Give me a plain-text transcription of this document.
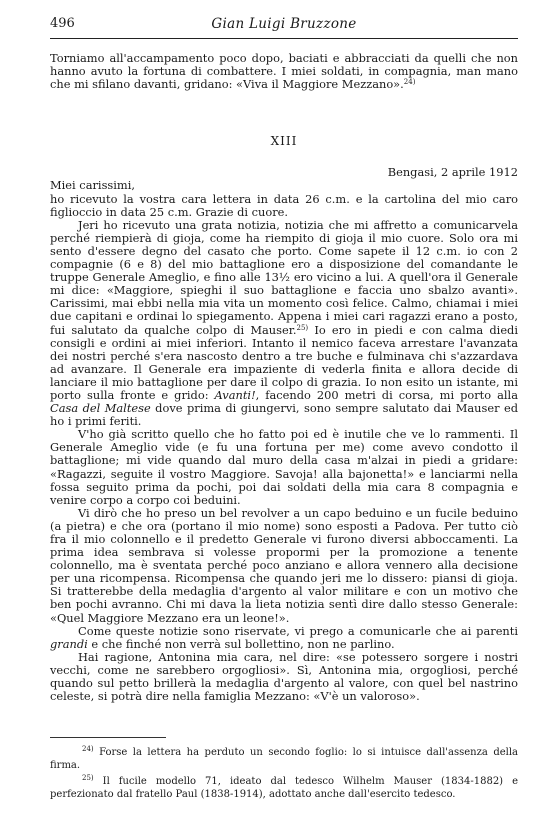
496	Gian Luigi Bruzzone

Torniamo all'accampamento poco dopo, baciati e abbracciati da quelli che non hanno avuto la fortuna di combattere. I miei soldati, in compagnia, man mano che mi sfilano davanti, gridano: «Viva il Maggiore Mezzano».$^{24)}$

XIII

Bengasi, 2 aprile 1912

Miei carissimi,

ho ricevuto la vostra cara lettera in data 26 c.m. e la cartolina del mio caro figlioccio in data 25 c.m. Grazie di cuore.

Jeri ho ricevuto una grata notizia, notizia che mi affretto a comunicarvela perché riempierà di gioja, come ha riempito di gioja il mio cuore. Solo ora mi sento d'essere degno del casato che porto. Come sapete il 12 c.m. io con 2 compagnie (6 e 8) del mio battaglione ero a disposizione del comandante le truppe Generale Ameglio, e fino alle 13½ ero vicino a lui. A quell'ora il Generale mi dice: «Maggiore, spieghi il suo battaglione e faccia uno sbalzo avanti». Carissimi, mai ebbi nella mia vita un momento così felice. Calmo, chiamai i miei due capitani e ordinai lo spiegamento. Appena i miei cari ragazzi erano a posto, fui salutato da qualche colpo di Mauser.$^{25)}$ Io ero in piedi e con calma diedi consigli e ordini ai miei inferiori. Intanto il nemico faceva arrestare l'avanzata dei nostri perché s'era nascosto dentro a tre buche e fulminava chi s'azzardava ad avanzare. Il Generale era impaziente di vederla finita e allora decide di lanciare il mio battaglione per dare il colpo di grazia. Io non esito un istante, mi porto sulla fronte e grido: Avanti!, facendo 200 metri di corsa, mi porto alla Casa del Maltese dove prima di giungervi, sono sempre salutato dai Mauser ed ho i primi feriti.

V'ho già scritto quello che ho fatto poi ed è inutile che ve lo rammenti. Il Generale Ameglio vide (e fu una fortuna per me) come avevo condotto il battaglione; mi vide quando dal muro della casa m'alzai in piedi a gridare: «Ragazzi, seguite il vostro Maggiore. Savoja! alla bajonetta!» e lanciarmi nella fossa seguito prima da pochi, poi dai soldati della mia cara 8 compagnia e venire corpo a corpo coi beduini.

Vi dirò che ho preso un bel revolver a un capo beduino e un fucile beduino (a pietra) e che ora (portano il mio nome) sono esposti a Padova. Per tutto ciò fra il mio colonnello e il predetto Generale vi furono diversi abboccamenti. La prima idea sembrava si volesse propormi per la promozione a tenente colonnello, ma è sventata perché poco anziano e allora vennero alla decisione per una ricompensa. Ricompensa che quando jeri me lo dissero: piansi di gioja. Si tratterebbe della medaglia d'argento al valor militare e con un motivo che ben pochi avranno. Chi mi dava la lieta notizia sentì dire dallo stesso Generale: «Quel Maggiore Mezzano era un leone!».

Come queste notizie sono riservate, vi prego a comunicarle che ai parenti grandi e che finché non verrà sul bollettino, non ne parlino.

Hai ragione, Antonina mia cara, nel dire: «se potessero sorgere i nostri vecchi, come ne sarebbero orgogliosi». Sì, Antonina mia, orgogliosi, perché quando sul petto brillerà la medaglia d'argento al valore, con quel bel nastrino celeste, si potrà dire nella famiglia Mezzano: «V'è un valoroso».

$^{24)}$ Forse la lettera ha perduto un secondo foglio: lo si intuisce dall'assenza della firma.

$^{25)}$ Il fucile modello 71, ideato dal tedesco Wilhelm Mauser (1834-1882) e perfezionato dal fratello Paul (1838-1914), adottato anche dall'esercito tedesco.
